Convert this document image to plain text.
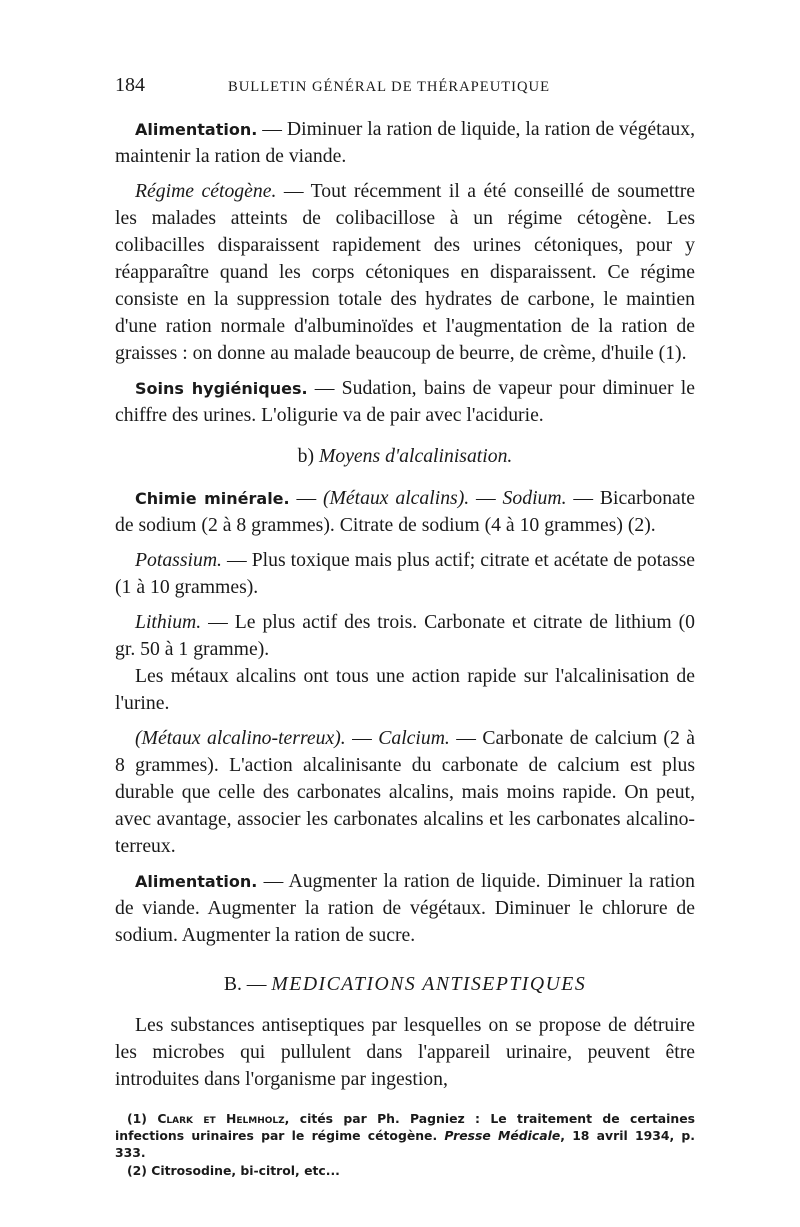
184	BULLETIN GÉNÉRAL DE THÉRAPEUTIQUE

Alimentation. — Diminuer la ration de liquide, la ration de végétaux, maintenir la ration de viande.

Régime cétogène. — Tout récemment il a été conseillé de soumettre les malades atteints de colibacillose à un régime cétogène. Les colibacilles disparaissent rapidement des urines cétoniques, pour y réapparaître quand les corps cétoniques en disparaissent. Ce régime consiste en la suppression totale des hydrates de carbone, le maintien d'une ration normale d'albuminoïdes et l'augmentation de la ration de graisses : on donne au malade beaucoup de beurre, de crème, d'huile (1).

Soins hygiéniques. — Sudation, bains de vapeur pour diminuer le chiffre des urines. L'oligurie va de pair avec l'acidurie.

b) Moyens d'alcalinisation.

Chimie minérale. — (Métaux alcalins). — Sodium. — Bicarbonate de sodium (2 à 8 grammes). Citrate de sodium (4 à 10 grammes) (2).

Potassium. — Plus toxique mais plus actif; citrate et acétate de potasse (1 à 10 grammes).

Lithium. — Le plus actif des trois. Carbonate et citrate de lithium (0 gr. 50 à 1 gramme).

Les métaux alcalins ont tous une action rapide sur l'alcalinisation de l'urine.

(Métaux alcalino-terreux). — Calcium. — Carbonate de calcium (2 à 8 grammes). L'action alcalinisante du carbonate de calcium est plus durable que celle des carbonates alcalins, mais moins rapide. On peut, avec avantage, associer les carbonates alcalins et les carbonates alcalino-terreux.

Alimentation. — Augmenter la ration de liquide. Diminuer la ration de viande. Augmenter la ration de végétaux. Diminuer le chlorure de sodium. Augmenter la ration de sucre.

B. — MEDICATIONS ANTISEPTIQUES

Les substances antiseptiques par lesquelles on se propose de détruire les microbes qui pullulent dans l'appareil urinaire, peuvent être introduites dans l'organisme par ingestion,

(1) Clark et Helmholz, cités par Ph. Pagniez : Le traitement de certaines infections urinaires par le régime cétogène. Presse Médicale, 18 avril 1934, p. 333.
(2) Citrosodine, bi-citrol, etc...
